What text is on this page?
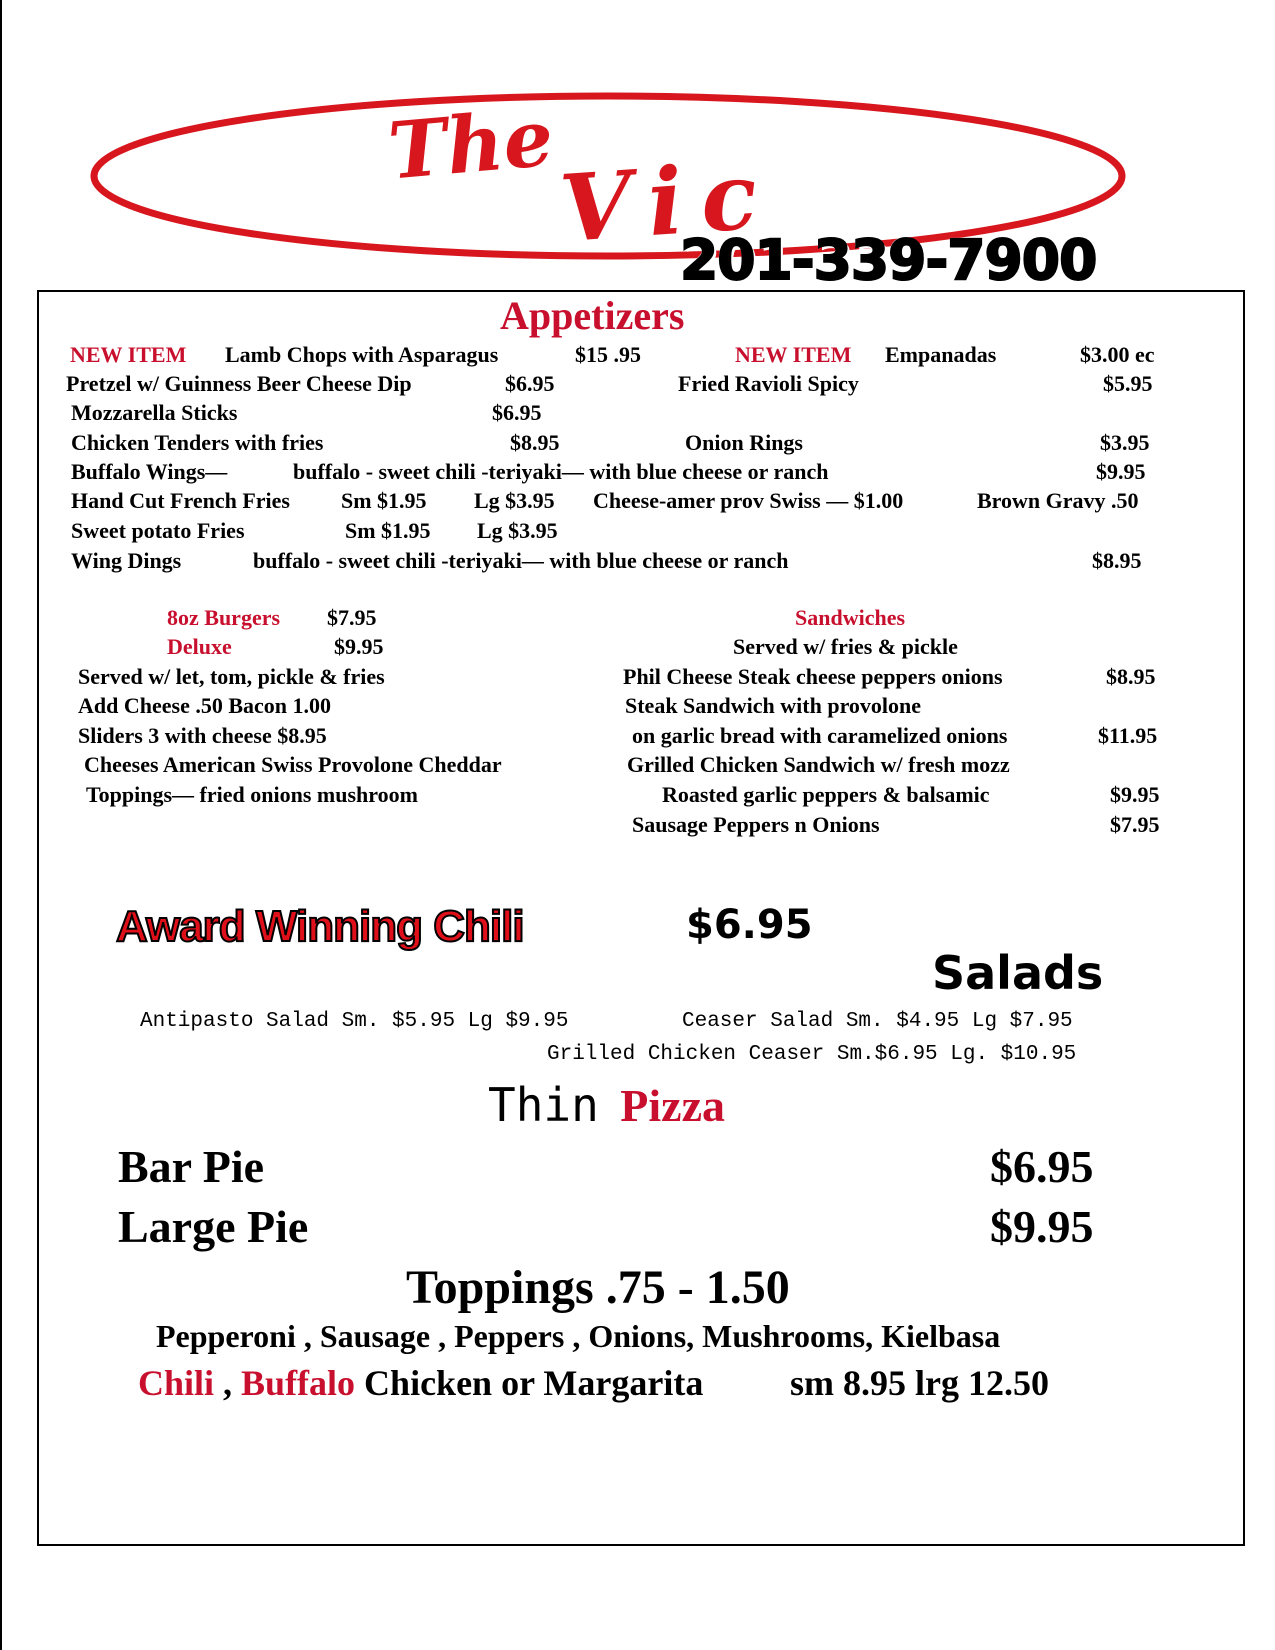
The Vic
201-339-7900
Appetizers
NEW ITEM Lamb Chops with Asparagus	$15 .95	NEW ITEM Empanadas	$3.00 ec
Pretzel w/ Guinness Beer Cheese Dip	$6.95	Fried Ravioli Spicy	$5.95
Mozzarella Sticks	$6.95
Chicken Tenders with fries	$8.95	Onion Rings	$3.95
Buffalo Wings—	buffalo - sweet chili -teriyaki— with blue cheese or ranch	$9.95
Hand Cut French Fries Sm $1.95 Lg $3.95 Cheese-amer prov Swiss — $1.00	Brown Gravy .50
Sweet potato Fries	Sm $1.95 Lg $3.95
Wing Dings	buffalo - sweet chili -teriyaki— with blue cheese or ranch	$8.95
8oz Burgers $7.95
Deluxe	$9.95
Served w/ let, tom, pickle & fries
Add Cheese .50 Bacon 1.00
Sliders 3 with cheese $8.95
Cheeses American Swiss Provolone Cheddar
Toppings— fried onions mushroom
Sandwiches
Served w/ fries & pickle
Phil Cheese Steak cheese peppers onions	$8.95
Steak Sandwich with provolone
on garlic bread with caramelized onions	$11.95
Grilled Chicken Sandwich w/ fresh mozz
Roasted garlic peppers & balsamic	$9.95
Sausage Peppers n Onions	$7.95
Award Winning Chili	$6.95
Salads
Antipasto Salad Sm. $5.95 Lg $9.95	Ceaser Salad Sm. $4.95 Lg $7.95
Grilled Chicken Ceaser Sm.$6.95 Lg. $10.95
Thin Pizza
Bar Pie	$6.95
Large Pie	$9.95
Toppings .75 - 1.50
Pepperoni , Sausage , Peppers , Onions, Mushrooms, Kielbasa
Chili , Buffalo Chicken or Margarita sm 8.95 lrg 12.50
